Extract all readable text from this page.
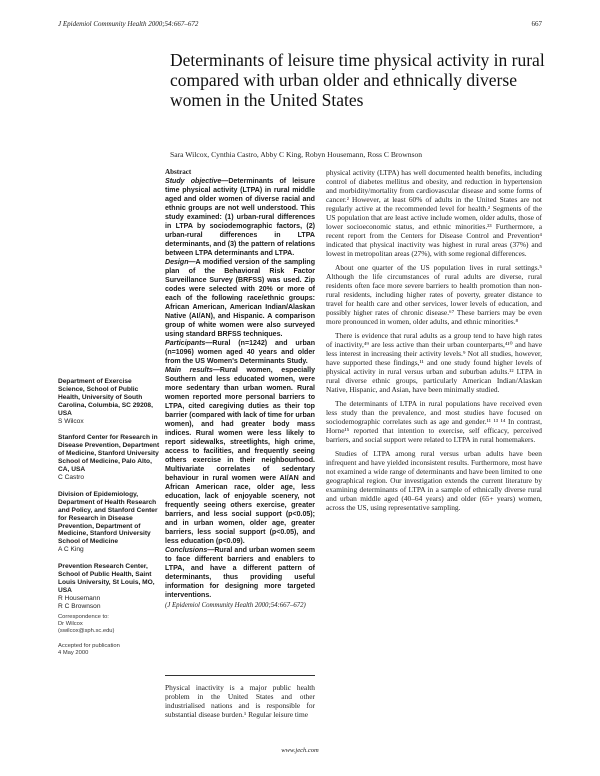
J Epidemiol Community Health 2000;54:667–672	667
Determinants of leisure time physical activity in rural compared with urban older and ethnically diverse women in the United States
Sara Wilcox, Cynthia Castro, Abby C King, Robyn Housemann, Ross C Brownson
Abstract

Study objective—Determinants of leisure time physical activity (LTPA) in rural middle aged and older women of diverse racial and ethnic groups are not well understood. This study examined: (1) urban-rural differences in LTPA by sociodemographic factors, (2) urban-rural differences in LTPA determinants, and (3) the pattern of relations between LTPA determinants and LTPA.

Design—A modified version of the sampling plan of the Behavioral Risk Factor Surveillance Survey (BRFSS) was used. Zip codes were selected with 20% or more of each of the following race/ethnic groups: African American, American Indian/Alaskan Native (AI/AN), and Hispanic. A comparison group of white women were also surveyed using standard BRFSS techniques.

Participants—Rural (n=1242) and urban (n=1096) women aged 40 years and older from the US Women's Determinants Study.

Main results—Rural women, especially Southern and less educated women, were more sedentary than urban women. Rural women reported more personal barriers to LTPA, cited caregiving duties as their top barrier (compared with lack of time for urban women), and had greater body mass indices. Rural women were less likely to report sidewalks, streetlights, high crime, access to facilities, and frequently seeing others exercise in their neighbourhood. Multivariate correlates of sedentary behaviour in rural women were AI/AN and African American race, older age, less education, lack of enjoyable scenery, not frequently seeing others exercise, greater barriers, and less social support (p<0.05); and in urban women, older age, greater barriers, less social support (p<0.05), and less education (p<0.09).

Conclusions—Rural and urban women seem to face different barriers and enablers to LTPA, and have a different pattern of determinants, thus providing useful information for designing more targeted interventions.

(J Epidemiol Community Health 2000;54:667–672)
Department of Exercise Science, School of Public Health, University of South Carolina, Columbia, SC 29208, USA
S Wilcox
Stanford Center for Research in Disease Prevention, Department of Medicine, Stanford University School of Medicine, Palo Alto, CA, USA
C Castro
Division of Epidemiology, Department of Health Research and Policy, and Stanford Center for Research in Disease Prevention, Department of Medicine, Stanford University School of Medicine
A C King
Prevention Research Center, School of Public Health, Saint Louis University, St Louis, MO, USA
R Housemann
R C Brownson
Correspondence to:
Dr Wilcox
(swilcox@sph.sc.edu)
Accepted for publication
4 May 2000
Physical inactivity is a major public health problem in the United States and other industrialised nations and is responsible for substantial disease burden.¹ Regular leisure time

physical activity (LTPA) has well documented health benefits, including control of diabetes mellitus and obesity, and reduction in hypertension and morbidity/mortality from cardiovascular disease and some forms of cancer.² However, at least 60% of adults in the United States are not regularly active at the recommended level for health.² Segments of the US population that are least active include women, older adults, those of lower socioeconomic status, and ethnic minorities.²³ Furthermore, a recent report from the Centers for Disease Control and Prevention⁴ indicated that physical inactivity was highest in rural areas (37%) and lowest in metropolitan areas (27%), with some regional differences.

About one quarter of the US population lives in rural settings.⁵ Although the life circumstances of rural adults are diverse, rural residents often face more severe barriers to health promotion than non-rural residents, including higher rates of poverty, greater distance to travel for health care and other services, lower levels of education, and possibly higher rates of chronic disease.⁶⁷ These barriers may be even more pronounced in women, older adults, and ethnic minorities.⁸

There is evidence that rural adults as a group tend to have high rates of inactivity,⁴⁹ are less active than their urban counterparts,⁴¹⁰ and have less interest in increasing their activity levels.⁹ Not all studies, however, have supported these findings,¹¹ and one study found higher levels of physical activity in rural versus urban and suburban adults.¹² LTPA in rural diverse ethnic groups, particularly American Indian/Alaskan Native, Hispanic, and Asian, have been minimally studied.

The determinants of LTPA in rural populations have received even less study than the prevalence, and most studies have focused on sociodemographic correlates such as age and gender.¹¹ ¹³ ¹⁴ In contrast, Horne¹⁵ reported that intention to exercise, self efficacy, perceived barriers, and social support were related to LTPA in rural homemakers.

Studies of LTPA among rural versus urban adults have been infrequent and have yielded inconsistent results. Furthermore, most have not examined a wide range of determinants and have been limited to one geographical region. Our investigation extends the current literature by examining determinants of LTPA in a sample of ethnically diverse rural and urban middle aged (40–64 years) and older (65+ years) women, across the US, using representative sampling.

www.jech.com
